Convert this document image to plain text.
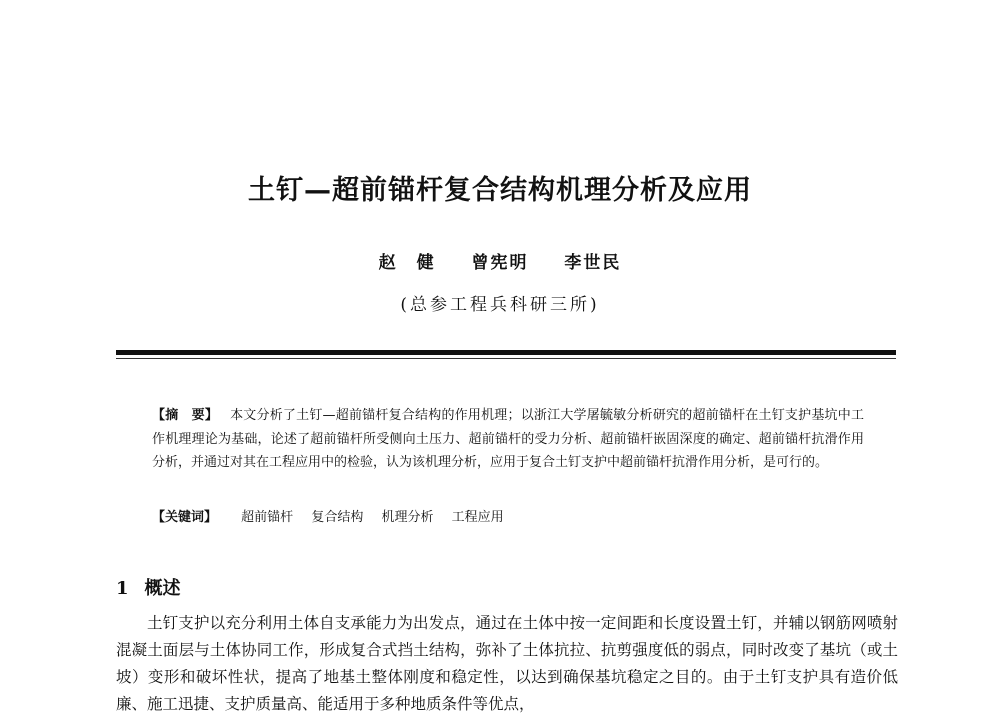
土钉—超前锚杆复合结构机理分析及应用
赵　健 曾宪明 李世民
(总参工程兵科研三所)
【摘　要】 本文分析了土钉—超前锚杆复合结构的作用机理；以浙江大学屠毓敏分析研究的超前锚杆在土钉支护基坑中工作机理理论为基础，论述了超前锚杆所受侧向土压力、超前锚杆的受力分析、超前锚杆嵌固深度的确定、超前锚杆抗滑作用分析，并通过对其在工程应用中的检验，认为该机理分析，应用于复合土钉支护中超前锚杆抗滑作用分析，是可行的。
【关键词】 超前锚杆 复合结构 机理分析 工程应用
1 概述

土钉支护以充分利用土体自支承能力为出发点，通过在土体中按一定间距和长度设置土钉，并辅以钢筋网喷射混凝土面层与土体协同工作，形成复合式挡土结构，弥补了土体抗拉、抗剪强度低的弱点，同时改变了基坑（或土坡）变形和破坏性状，提高了地基土整体刚度和稳定性，以达到确保基坑稳定之目的。由于土钉支护具有造价低廉、施工迅捷、支护质量高、能适用于多种地质条件等优点，
